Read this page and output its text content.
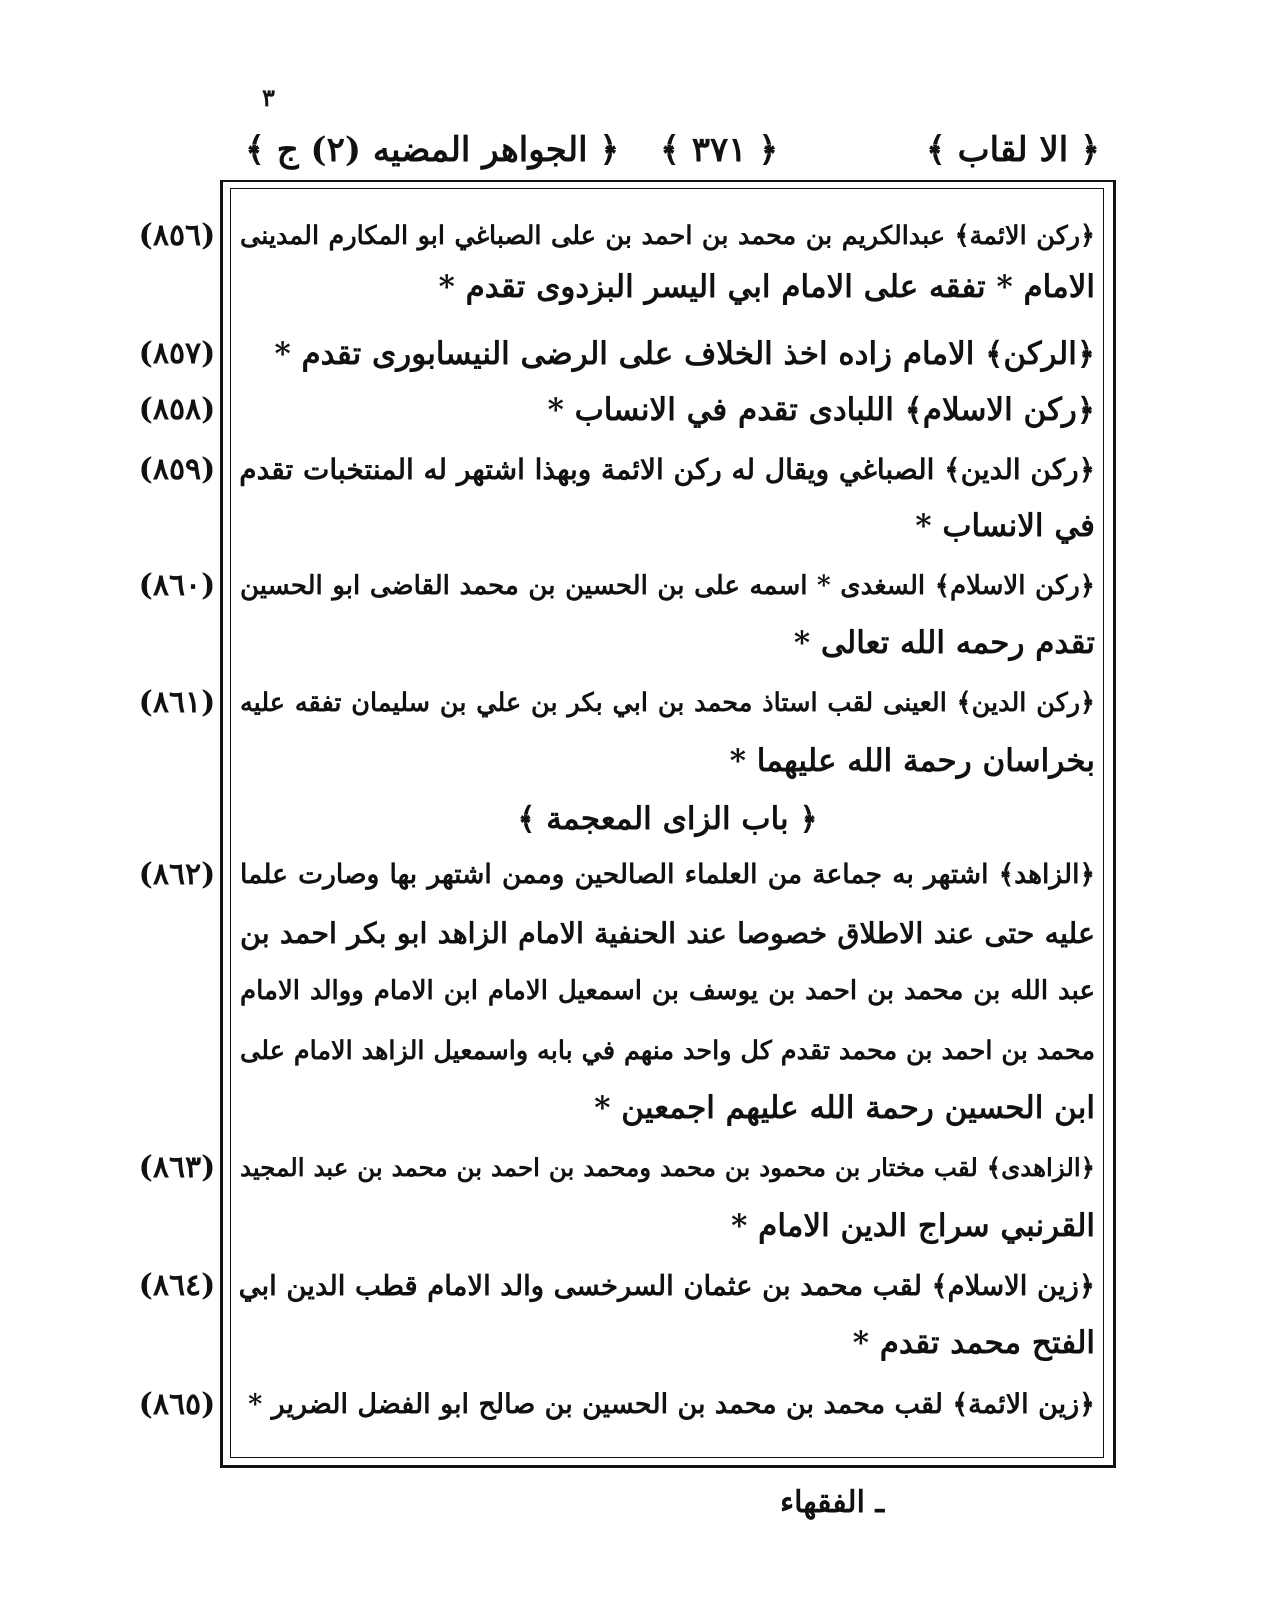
٣
﴿ الا لقاب ﴾
﴿ ٣٧١ ﴾
﴿ الجواهر المضيه (٢) ج ﴾
(٨٥٦) ﴿ركن الائمة﴾ عبدالكريم بن محمد بن احمد بن على الصباغي ابو المكارم المدينى
الامام * تفقه على الامام ابي اليسر البزدوى تقدم *
(٨٥٧)	﴿الركن﴾ الامام زاده اخذ الخلاف على الرضى النيسابورى تقدم *
(٨٥٨)	﴿ركن الاسلام﴾ اللبادى تقدم في الانساب *
(٨٥٩) ﴿ركن الدين﴾ الصباغي ويقال له ركن الائمة وبهذا اشتهر له المنتخبات تقدم
في الانساب *
(٨٦٠) ﴿ركن الاسلام﴾ السغدى * اسمه على بن الحسين بن محمد القاضى ابو الحسين
تقدم رحمه الله تعالى *
(٨٦١) ﴿ركن الدين﴾ العينى لقب استاذ محمد بن ابي بكر بن علي بن سليمان تفقه عليه
بخراسان رحمة الله عليهما *
﴿ باب الزاى المعجمة ﴾
(٨٦٢) ﴿الزاهد﴾ اشتهر به جماعة من العلماء الصالحين وممن اشتهر بها وصارت علما
عليه حتى عند الاطلاق خصوصا عند الحنفية الامام الزاهد ابو بكر احمد بن
عبد الله بن محمد بن احمد بن يوسف بن اسمعيل الامام ابن الامام ووالد الامام
محمد بن احمد بن محمد تقدم كل واحد منهم في بابه واسمعيل الزاهد الامام على
ابن الحسين رحمة الله عليهم اجمعين *
(٨٦٣) ﴿الزاهدى﴾ لقب مختار بن محمود بن محمد ومحمد بن احمد بن محمد بن عبد المجيد
القرنبي سراج الدين الامام *
(٨٦٤) ﴿زين الاسلام﴾ لقب محمد بن عثمان السرخسى والد الامام قطب الدين ابي
الفتح محمد تقدم *
(٨٦٥) ﴿زين الائمة﴾ لقب محمد بن محمد بن الحسين بن صالح ابو الفضل الضرير *
ـ الفقهاء
